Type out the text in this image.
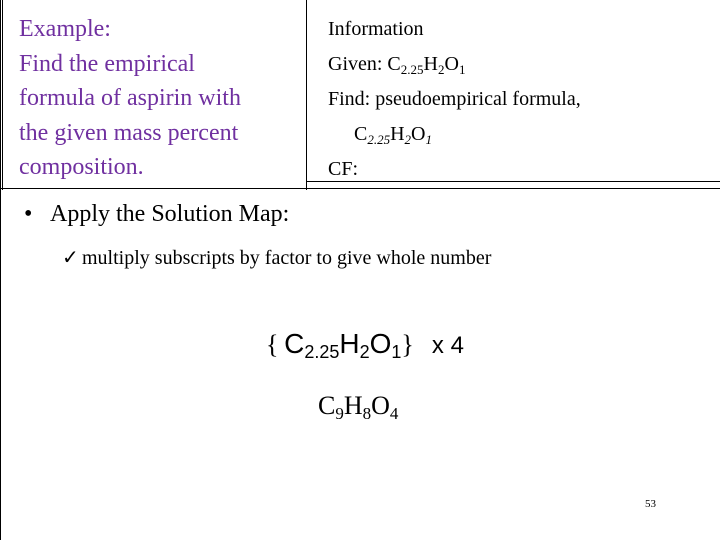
Example:
Find the empirical
formula of aspirin with
the given mass percent
composition.
Information
Given: $C_{2.25}H_2O_1$
Find: pseudoempirical formula,
$C_{2.25}H_2O_1$
CF:
• Apply the Solution Map:
✓ multiply subscripts by factor to give whole number
{  $C_{2.25}H_2O_1$} x 4
$C_9H_8O_4$
53
